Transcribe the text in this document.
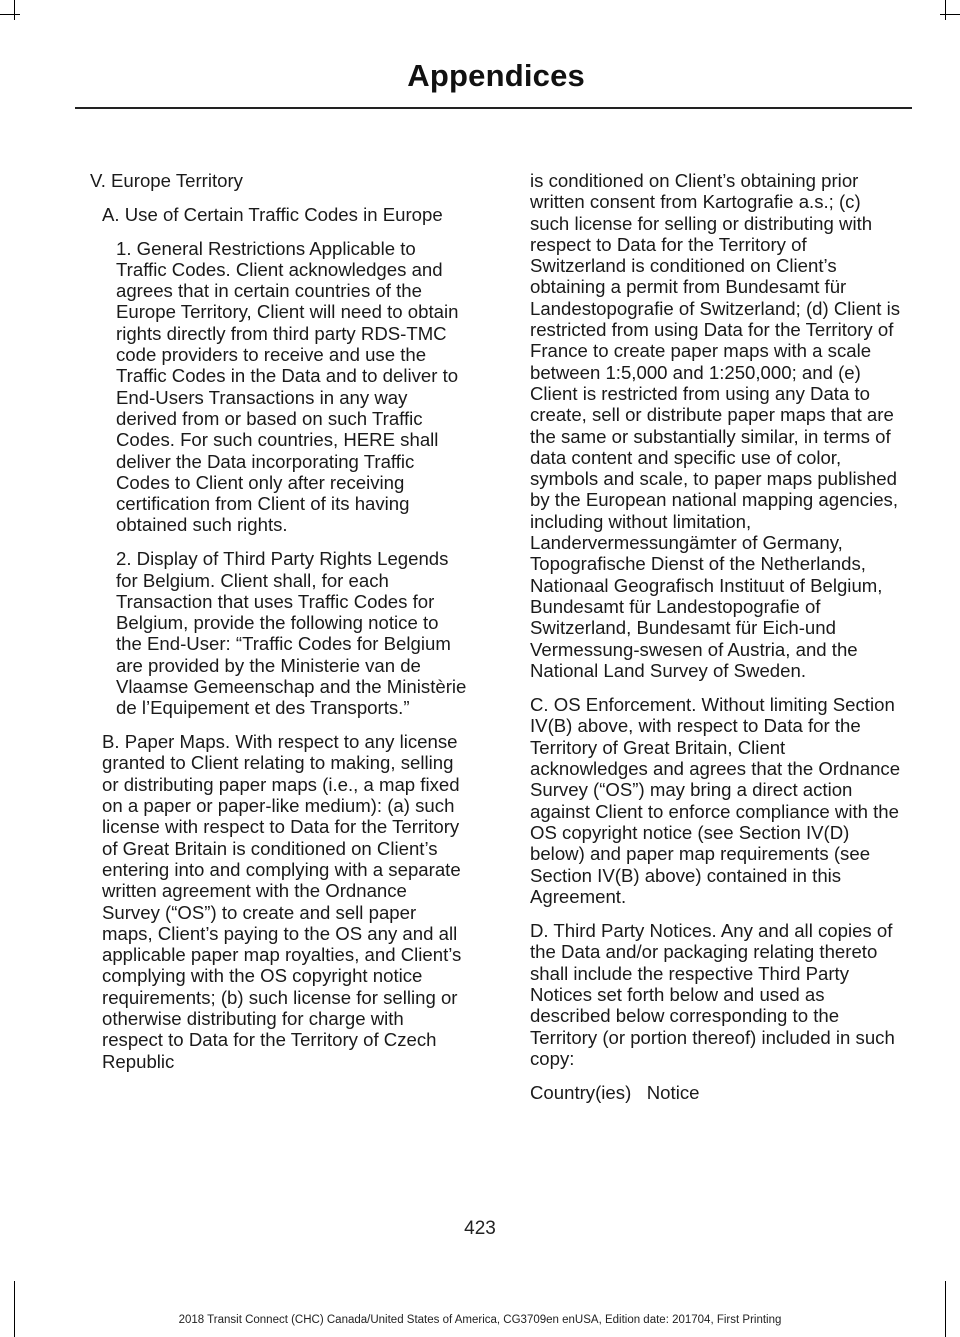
Appendices

V. Europe Territory

A. Use of Certain Traffic Codes in Europe

1. General Restrictions Applicable to Traffic Codes. Client acknowledges and agrees that in certain countries of the Europe Territory, Client will need to obtain rights directly from third party RDS-TMC code providers to receive and use the Traffic Codes in the Data and to deliver to End-Users Transactions in any way derived from or based on such Traffic Codes. For such countries, HERE shall deliver the Data incorporating Traffic Codes to Client only after receiving certification from Client of its having obtained such rights.

2. Display of Third Party Rights Legends for Belgium. Client shall, for each Transaction that uses Traffic Codes for Belgium, provide the following notice to the End-User: “Traffic Codes for Belgium are provided by the Ministerie van de Vlaamse Gemeenschap and the Ministèrie de l’Equipement et des Transports.”

B. Paper Maps. With respect to any license granted to Client relating to making, selling or distributing paper maps (i.e., a map fixed on a paper or paper-like medium): (a) such license with respect to Data for the Territory of Great Britain is conditioned on Client’s entering into and complying with a separate written agreement with the Ordnance Survey (“OS”) to create and sell paper maps, Client’s paying to the OS any and all applicable paper map royalties, and Client’s complying with the OS copyright notice requirements; (b) such license for selling or otherwise distributing for charge with respect to Data for the Territory of Czech Republic

is conditioned on Client’s obtaining prior written consent from Kartografie a.s.; (c) such license for selling or distributing with respect to Data for the Territory of Switzerland is conditioned on Client’s obtaining a permit from Bundesamt für Landestopografie of Switzerland; (d) Client is restricted from using Data for the Territory of France to create paper maps with a scale between 1:5,000 and 1:250,000; and (e) Client is restricted from using any Data to create, sell or distribute paper maps that are the same or substantially similar, in terms of data content and specific use of color, symbols and scale, to paper maps published by the European national mapping agencies, including without limitation, Landervermessungämter of Germany, Topografische Dienst of the Netherlands, Nationaal Geografisch Instituut of Belgium, Bundesamt für Landestopografie of Switzerland, Bundesamt für Eich-und Vermessung-swesen of Austria, and the National Land Survey of Sweden.

C. OS Enforcement. Without limiting Section IV(B) above, with respect to Data for the Territory of Great Britain, Client acknowledges and agrees that the Ordnance Survey (“OS”) may bring a direct action against Client to enforce compliance with the OS copyright notice (see Section IV(D) below) and paper map requirements (see Section IV(B) above) contained in this Agreement.

D. Third Party Notices. Any and all copies of the Data and/or packaging relating thereto shall include the respective Third Party Notices set forth below and used as described below corresponding to the Territory (or portion thereof) included in such copy:

Country(ies)   Notice

423
2018 Transit Connect (CHC) Canada/United States of America, CG3709en enUSA, Edition date: 201704, First Printing
